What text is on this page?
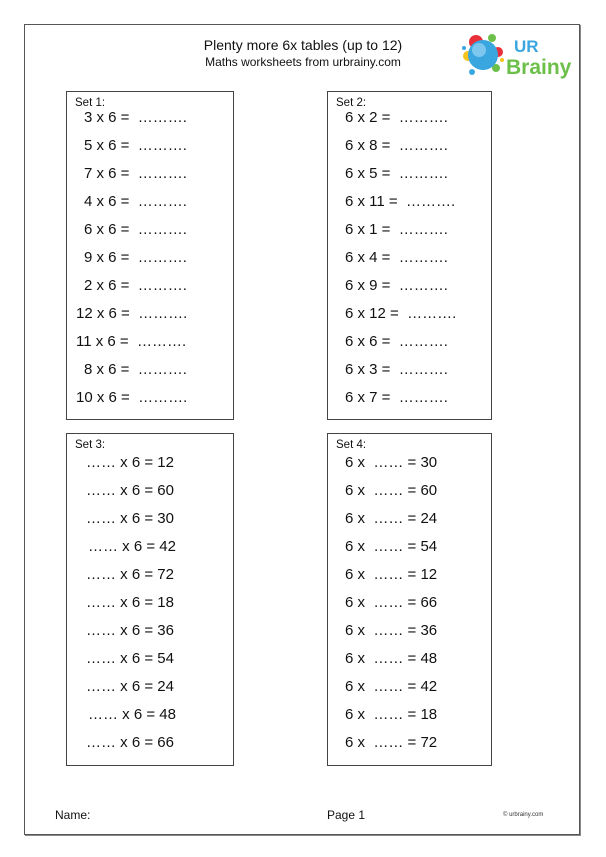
Plenty more 6x tables (up to 12)
Maths worksheets from urbrainy.com
UR
Brainy
Set 1:
3 x 6 =  ……….
5 x 6 =  ……….
7 x 6 =  ……….
4 x 6 =  ……….
6 x 6 =  ……….
9 x 6 =  ……….
2 x 6 =  ……….
12 x 6 =  ……….
11 x 6 =  ……….
8 x 6 =  ……….
10 x 6 =  ……….
Set 2:
6 x 2 =  ……….
6 x 8 =  ……….
6 x 5 =  ……….
6 x 11 =  ……….
6 x 1 =  ……….
6 x 4 =  ……….
6 x 9 =  ……….
6 x 12 =  ……….
6 x 6 =  ……….
6 x 3 =  ……….
6 x 7 =  ……….
Set 3:
…… x 6 = 12
…… x 6 = 60
…… x 6 = 30
…… x 6 = 42
…… x 6 = 72
…… x 6 = 18
…… x 6 = 36
…… x 6 = 54
…… x 6 = 24
…… x 6 = 48
…… x 6 = 66
Set 4:
6 x  …… = 30
6 x  …… = 60
6 x  …… = 24
6 x  …… = 54
6 x  …… = 12
6 x  …… = 66
6 x  …… = 36
6 x  …… = 48
6 x  …… = 42
6 x  …… = 18
6 x  …… = 72
Name:	Page 1	© urbrainy.com
